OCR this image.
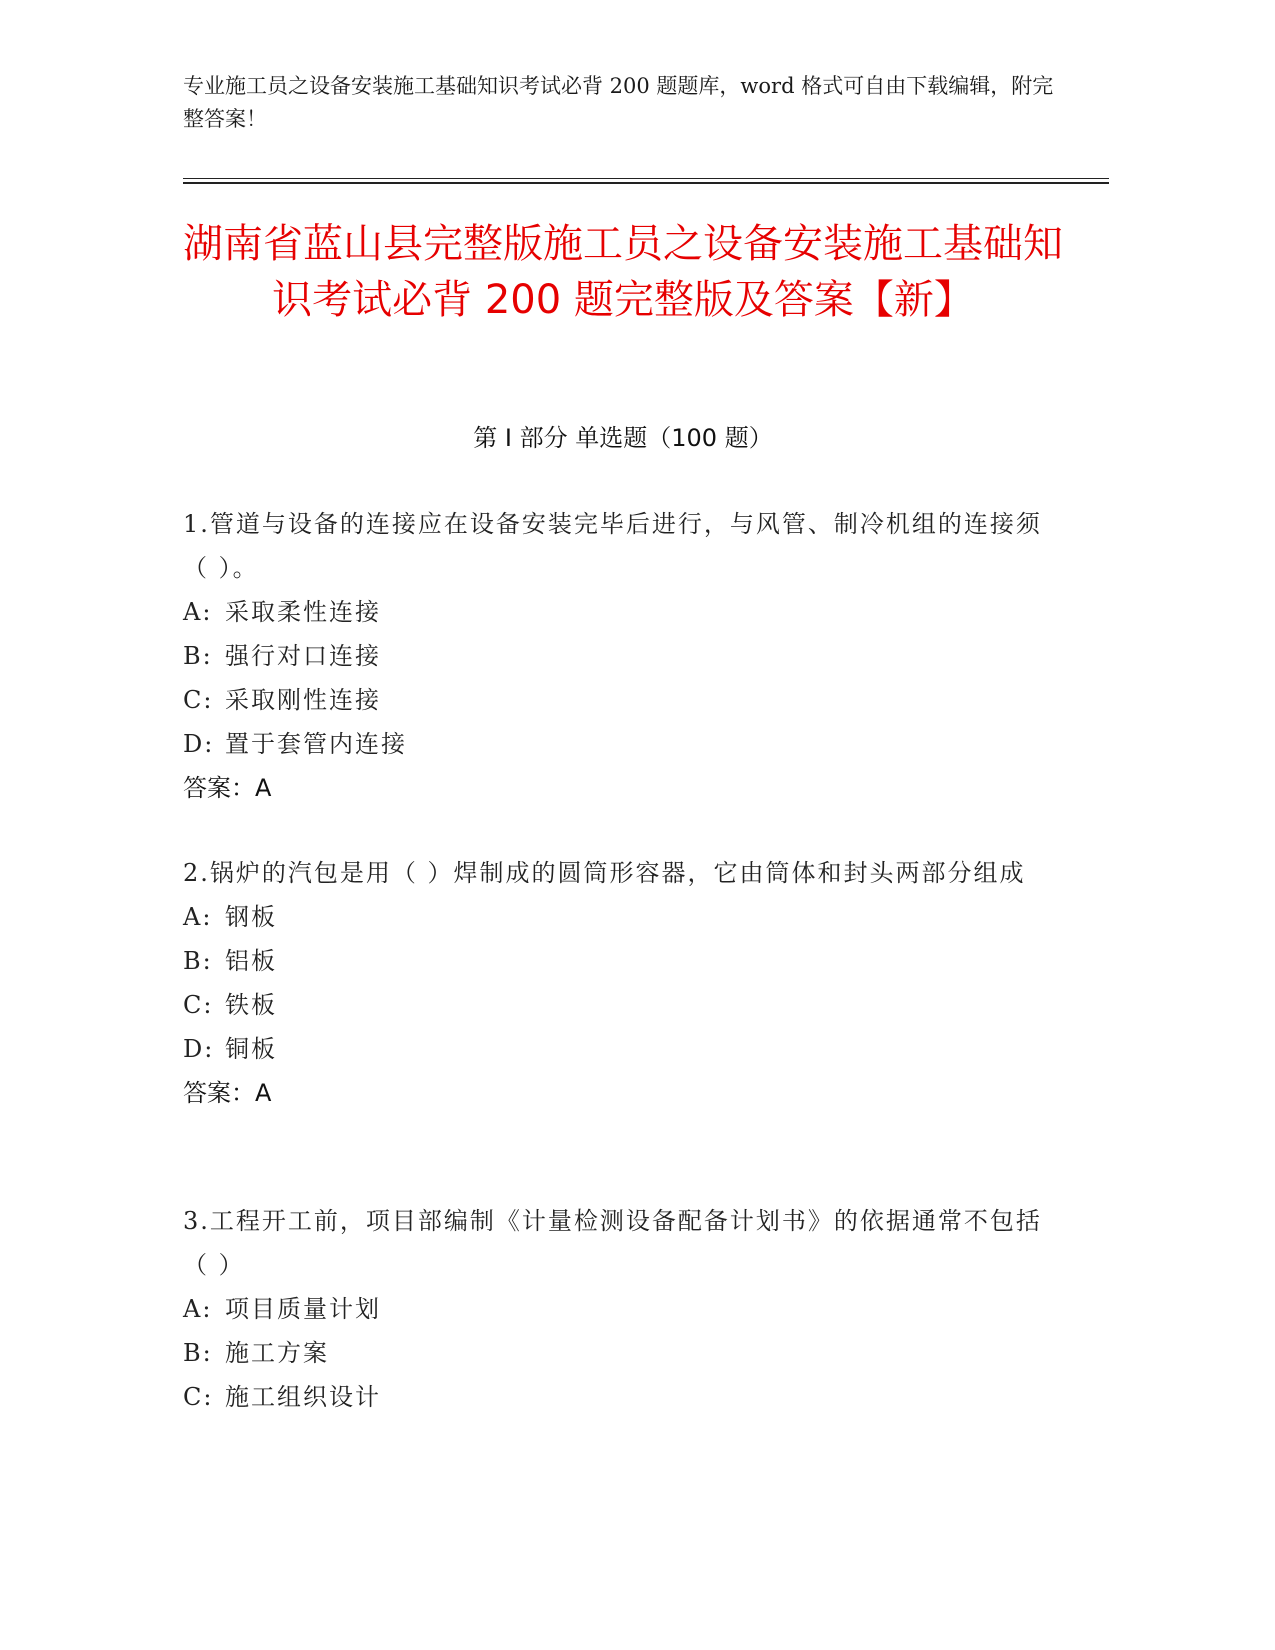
专业施工员之设备安装施工基础知识考试必背 200 题题库，word 格式可自由下载编辑，附完整答案！
湖南省蓝山县完整版施工员之设备安装施工基础知识考试必背 200 题完整版及答案【新】
第 I 部分 单选题（100 题）
1.管道与设备的连接应在设备安装完毕后进行，与风管、制冷机组的连接须（ ）。
A: 采取柔性连接
B: 强行对口连接
C: 采取刚性连接
D: 置于套管内连接
答案：A
2.锅炉的汽包是用（ ）焊制成的圆筒形容器，它由筒体和封头两部分组成
A: 钢板
B: 铝板
C: 铁板
D: 铜板
答案：A
3.工程开工前，项目部编制《计量检测设备配备计划书》的依据通常不包括（ ）
A: 项目质量计划
B: 施工方案
C: 施工组织设计
